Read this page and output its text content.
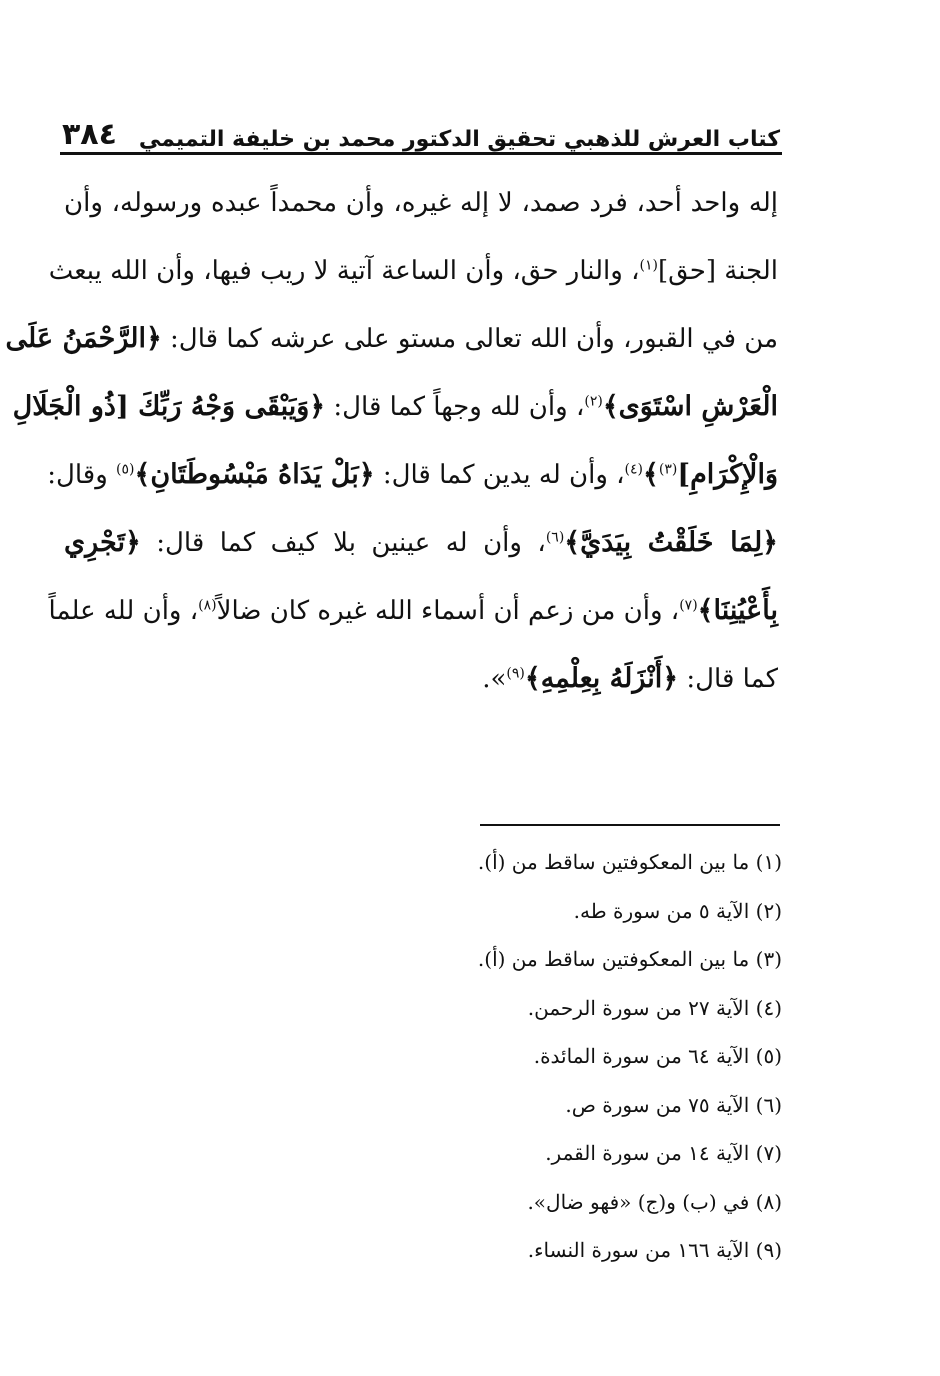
كتاب العرش للذهبي تحقيق الدكتور محمد بن خليفة التميمي
٣٨٤
إله واحد أحد، فرد صمد، لا إله غيره، وأن محمداً عبده ورسوله، وأن
الجنة [حق]$^{(١)}$، والنار حق، وأن الساعة آتية لا ريب فيها، وأن الله يبعث
من في القبور، وأن الله تعالى مستو على عرشه كما قال: ﴿الرَّحْمَنُ عَلَى
الْعَرْشِ اسْتَوَى﴾$^{(٢)}$، وأن لله وجهاً كما قال: ﴿وَيَبْقَى وَجْهُ رَبِّكَ [ذُو الْجَلَالِ
وَالْإِكْرَامِ]$^{(٣)}$﴾$^{(٤)}$، وأن له يدين كما قال: ﴿بَلْ يَدَاهُ مَبْسُوطَتَانِ﴾$^{(٥)}$ وقال:
﴿لِمَا خَلَقْتُ بِيَدَيَّ﴾$^{(٦)}$، وأن له عينين بلا كيف كما قال: ﴿تَجْرِي
بِأَعْيُنِنَا﴾$^{(٧)}$، وأن من زعم أن أسماء الله غيره كان ضالاً$^{(٨)}$، وأن لله علماً
كما قال: ﴿أَنْزَلَهُ بِعِلْمِهِ﴾$^{(٩)}$».
(١) ما بين المعكوفتين ساقط من (أ).
(٢) الآية ٥ من سورة طه.
(٣) ما بين المعكوفتين ساقط من (أ).
(٤) الآية ٢٧ من سورة الرحمن.
(٥) الآية ٦٤ من سورة المائدة.
(٦) الآية ٧٥ من سورة ص.
(٧) الآية ١٤ من سورة القمر.
(٨) في (ب) و(ج) «فهو ضال».
(٩) الآية ١٦٦ من سورة النساء.
